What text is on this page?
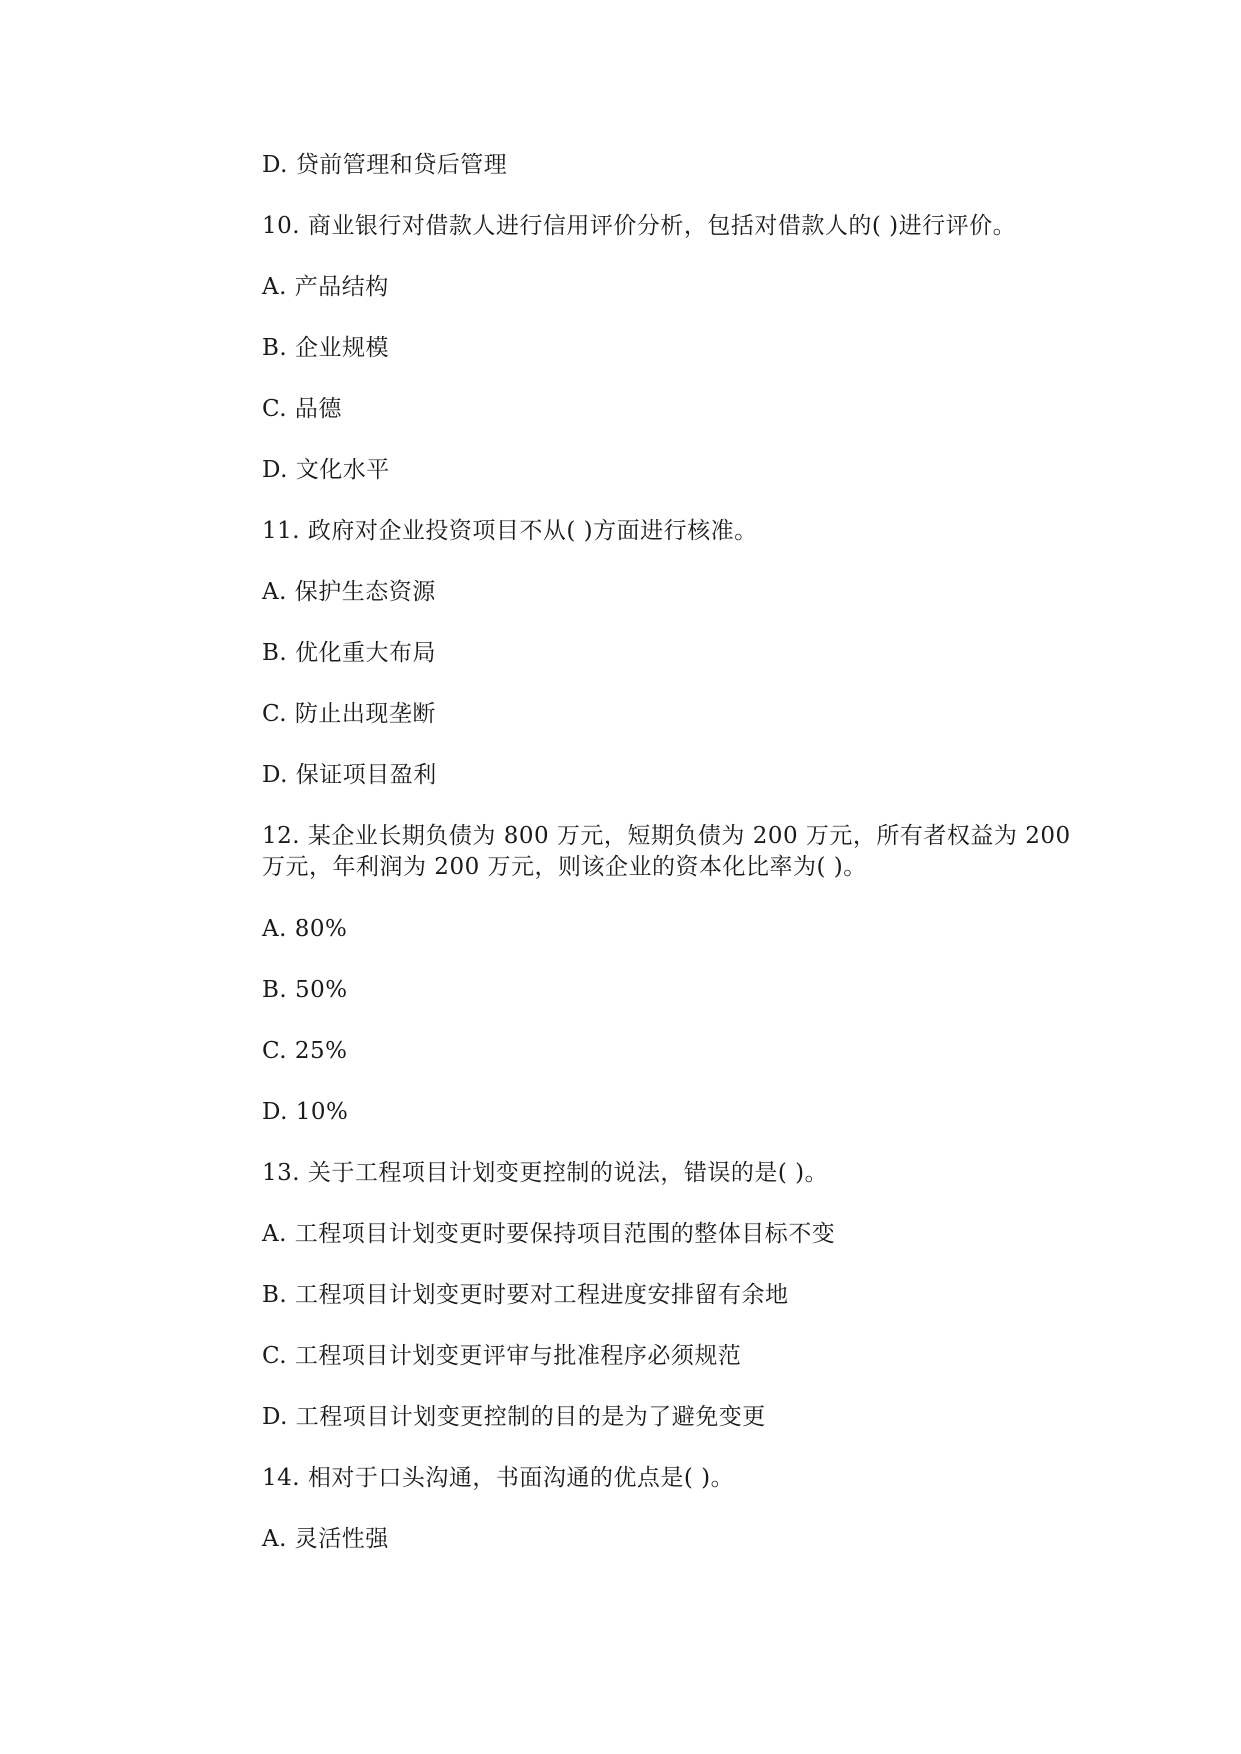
D. 贷前管理和贷后管理
10. 商业银行对借款人进行信用评价分析，包括对借款人的( )进行评价。
A. 产品结构
B. 企业规模
C. 品德
D. 文化水平
11. 政府对企业投资项目不从( )方面进行核准。
A. 保护生态资源
B. 优化重大布局
C. 防止出现垄断
D. 保证项目盈利
12. 某企业长期负债为 800 万元，短期负债为 200 万元，所有者权益为 200
万元，年利润为 200 万元，则该企业的资本化比率为( )。
A. 80%
B. 50%
C. 25%
D. 10%
13. 关于工程项目计划变更控制的说法，错误的是( )。
A. 工程项目计划变更时要保持项目范围的整体目标不变
B. 工程项目计划变更时要对工程进度安排留有余地
C. 工程项目计划变更评审与批准程序必须规范
D. 工程项目计划变更控制的目的是为了避免变更
14. 相对于口头沟通，书面沟通的优点是( )。
A. 灵活性强
